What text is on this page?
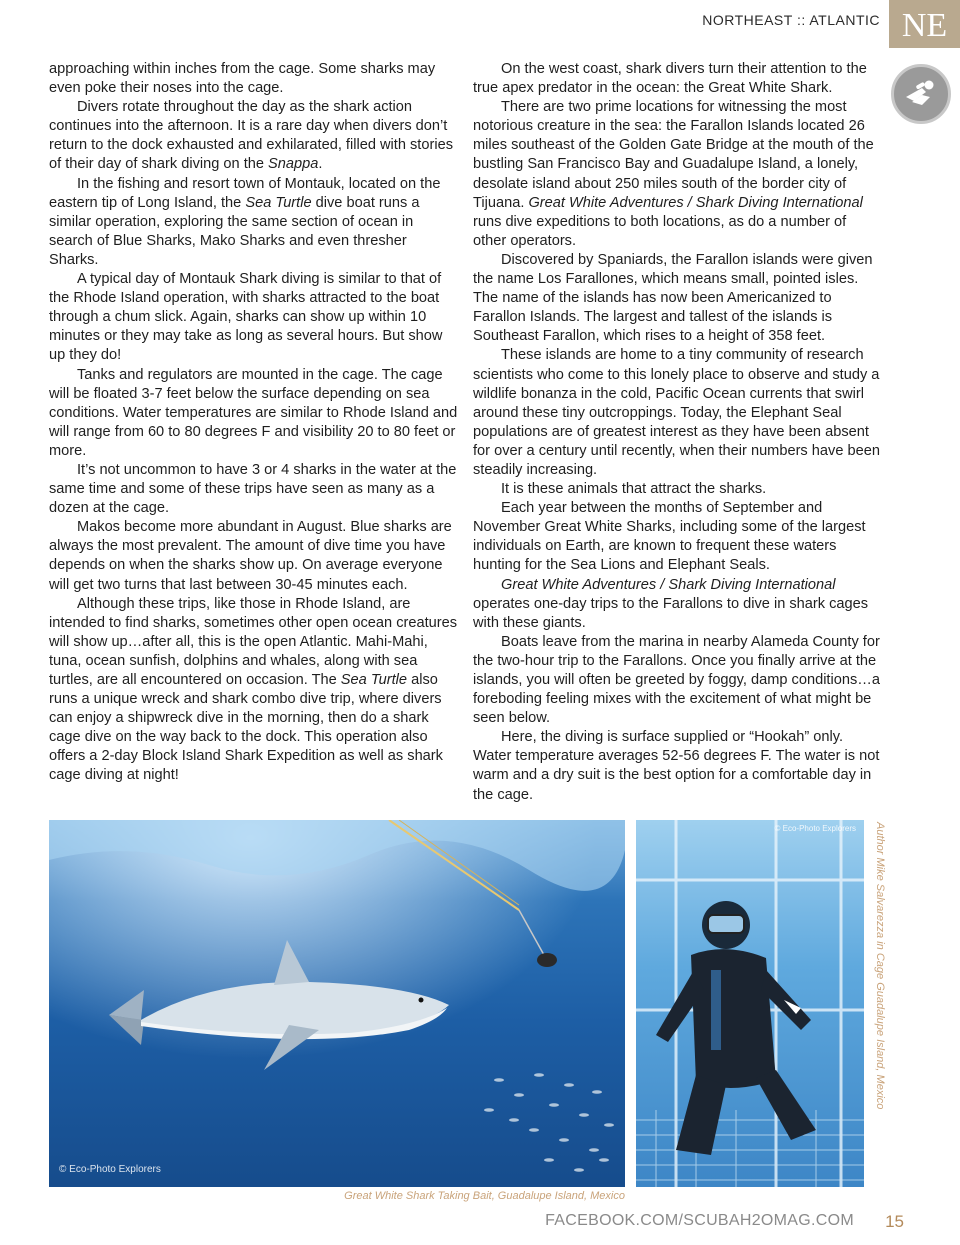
NORTHEAST :: ATLANTIC NE

approaching within inches from the cage. Some sharks may even poke their noses into the cage.

Divers rotate throughout the day as the shark action continues into the afternoon. It is a rare day when divers don’t return to the dock exhausted and exhilarated, filled with stories of their day of shark diving on the Snappa.

In the fishing and resort town of Montauk, located on the eastern tip of Long Island, the Sea Turtle dive boat runs a similar operation, exploring the same section of ocean in search of Blue Sharks, Mako Sharks and even thresher Sharks.

A typical day of Montauk Shark diving is similar to that of the Rhode Island operation, with sharks attracted to the boat through a chum slick. Again, sharks can show up within 10 minutes or they may take as long as several hours. But show up they do!

Tanks and regulators are mounted in the cage. The cage will be floated 3-7 feet below the surface depending on sea conditions. Water temperatures are similar to Rhode Island and will range from 60 to 80 degrees F and visibility 20 to 80 feet or more.

It’s not uncommon to have 3 or 4 sharks in the water at the same time and some of these trips have seen as many as a dozen at the cage.

Makos become more abundant in August. Blue sharks are always the most prevalent. The amount of dive time you have depends on when the sharks show up. On average everyone will get two turns that last between 30-45 minutes each.

Although these trips, like those in Rhode Island, are intended to find sharks, sometimes other open ocean creatures will show up…after all, this is the open Atlantic. Mahi-Mahi, tuna, ocean sunfish, dolphins and whales, along with sea turtles, are all encountered on occasion. The Sea Turtle also runs a unique wreck and shark combo dive trip, where divers can enjoy a shipwreck dive in the morning, then do a shark cage dive on the way back to the dock. This operation also offers a 2-day Block Island Shark Expedition as well as shark cage diving at night!

On the west coast, shark divers turn their attention to the true apex predator in the ocean: the Great White Shark.

There are two prime locations for witnessing the most notorious creature in the sea: the Farallon Islands located 26 miles southeast of the Golden Gate Bridge at the mouth of the bustling San Francisco Bay and Guadalupe Island, a lonely, desolate island about 250 miles south of the border city of Tijuana. Great White Adventures / Shark Diving International runs dive expeditions to both locations, as do a number of other operators.

Discovered by Spaniards, the Farallon islands were given the name Los Farallones, which means small, pointed isles. The name of the islands has now been Americanized to Farallon Islands. The largest and tallest of the islands is Southeast Farallon, which rises to a height of 358 feet.

These islands are home to a tiny community of research scientists who come to this lonely place to observe and study a wildlife bonanza in the cold, Pacific Ocean currents that swirl around these tiny outcroppings. Today, the Elephant Seal populations are of greatest interest as they have been absent for over a century until recently, when their numbers have been steadily increasing.

It is these animals that attract the sharks.

Each year between the months of September and November Great White Sharks, including some of the largest individuals on Earth, are known to frequent these waters hunting for the Sea Lions and Elephant Seals.

Great White Adventures / Shark Diving International operates one-day trips to the Farallons to dive in shark cages with these giants.

Boats leave from the marina in nearby Alameda County for the two-hour trip to the Farallons. Once you finally arrive at the islands, you will often be greeted by foggy, damp conditions…a foreboding feeling mixes with the excitement of what might be seen below.

Here, the diving is surface supplied or “Hookah” only. Water temperature averages 52-56 degrees F. The water is not warm and a dry suit is the best option for a comfortable day in the cage.

© Eco-Photo Explorers
© Eco-Photo Explorers
Great White Shark Taking Bait, Guadalupe Island, Mexico
Author Mike Salvarezza in Cage Guadalupe Island, Mexico
FACEBOOK.COM/SCUBAH2OMAG.COM 15
